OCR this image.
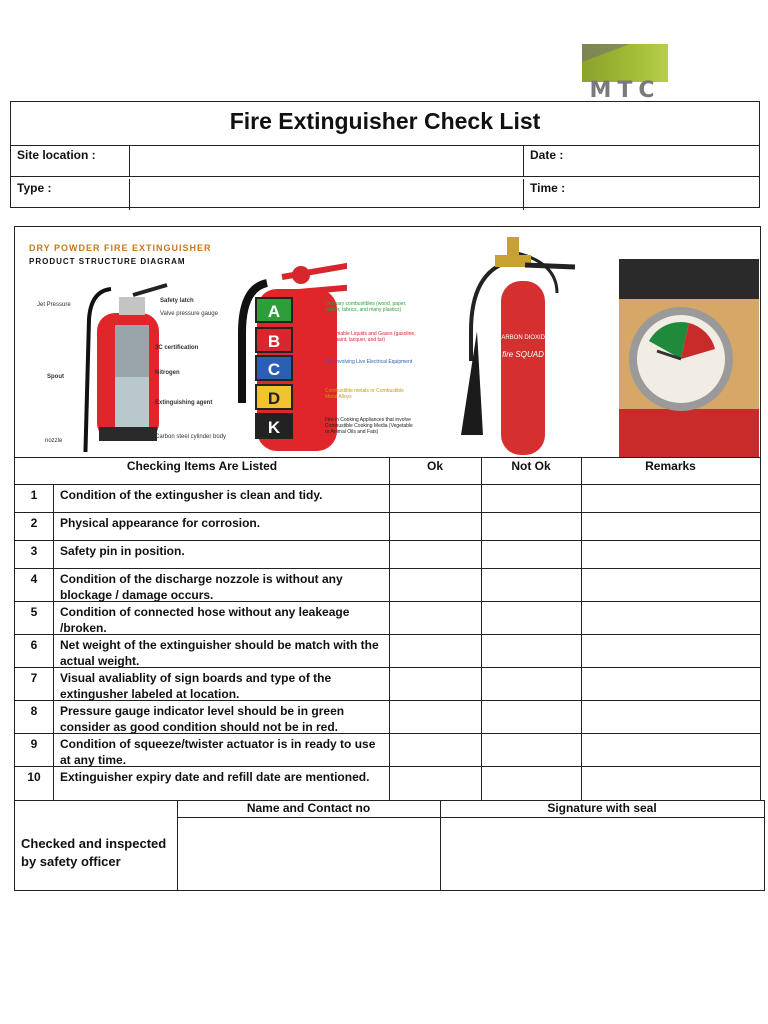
MTC
Fire Extinguisher Check List
Site location :	Date :
Type :	Time :
DRY POWDER FIRE EXTINGUISHER
PRODUCT STRUCTURE DIAGRAM
Jet Pressure
Safety latch
Valve pressure gauge
3C certification
Spout
Nitrogen
Extinguishing agent
nozzle
Carbon steel cylinder body
A	Ordinary combustibles (wood, paper, rubber, fabrics, and many plastics)
B	Flammable Liquids and Gases (gasoline, oils, paint, lacquer, and tar)
C	Fire Involving Live Electrical Equipment
D	Combustible metals or Combustible Metal Alloys
K	Fire in Cooking Appliances that involve Combustible Cooking Media (Vegetable or Animal Oils and Fats)
CARBON DIOXIDE
fire SQUAD
Checking Items Are Listed	Ok	Not Ok	Remarks
1	Condition of the extingusher is clean and tidy.
2	Physical appearance for corrosion.
3	Safety pin in position.
4	Condition of the discharge nozzole is without any blockage / damage occurs.
5	Condition of connected hose without any leakeage /broken.
6	Net weight of the extinguisher should be match with the actual weight.
7	Visual avaliablity of sign boards and type of the extingusher labeled at location.
8	Pressure gauge indicator level should be in green consider as good condition should not be in red.
9	Condition of squeeze/twister actuator is in ready to use at any time.
10	Extinguisher expiry date and refill date are mentioned.
Checked and inspected by safety officer
Name and Contact no	Signature with seal
